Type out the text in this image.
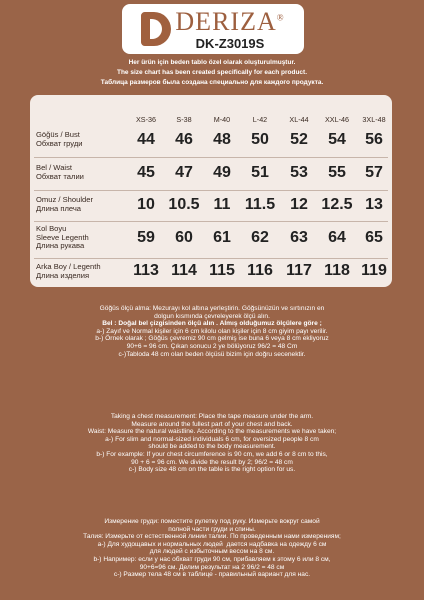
DERIZA®
DK-Z3019S

Her ürün için beden tablo özel olarak oluşturulmuştur.

The size chart has been created specifically for each product.

Таблица размеров была создана специально для каждого продукта.

XS-36	S-38	M-40	L-42	XL-44	XXL-46	3XL-48
Göğüs / Bust
Обхват груди	44	46	48	50	52	54	56
Bel / Waist
Обхват талии	45	47	49	51	53	55	57
Omuz / Shoulder
Длина плеча	10 10.5 11 11.5 12 12.5 13
Kol Boyu
Sleeve Legenth
Длина рукава	59	60	61	62	63	64	65
Arka Boy / Legenth
Длина изделия	113 114 115 116 117 118 119

Göğüs ölçü alma: Mezurayı kol altına yerleştirin. Göğsünüzün ve sırtınızın en

dolgun kısmında çevreleyerek ölçü alın.

Bel : Doğal bel çizgisinden ölçü alın . Almış olduğumuz ölçülere göre ;

a-) Zayıf ve Normal kişiler için 6 cm kilolu olan kişiler için 8 cm giyim payı verilir.

b-) Örnek olarak ; Göğüs çevremiz 90 cm gelmiş ise buna 6 veya 8 cm ekliyoruz

90+6 = 96 cm. Çıkan sonucu 2 ye bölüyoruz 96/2 = 48 Cm

c-)Tabloda 48 cm olan beden ölçüsü bizim için doğru secenektir.

Taking a chest measurement: Place the tape measure under the arm.

Measure around the fullest part of your chest and back.

Waist: Measure the natural waistline. According to the measurements we have taken;

a-) For slim and normal-sized individuals 6 cm, for oversized people 8 cm

should be added to the body measurement.

b-) For example: If your chest circumference is 90 cm, we add 6 or 8 cm to this,

90 + 6 = 96 cm. We divide the result by 2; 96/2 = 48 cm

c-) Body size 48 cm on the table is the right option for us.

Измерение груди: поместите рулетку под руку. Измерьте вокруг самой

полной части груди и спины.

Талия: Измерьте от естественной линии талии. По проведенным нами измерениям;

a-) Для худощавых и нормальных людей  дается надбавка на одежду 6 см

для людей с избыточным весом на 8 см.

b-) Например: если у нас обхват груди 90 см, прибавляем к этому 6 или 8 см,

90+6=96 см. Делим результат на 2 96/2 = 48 см

c-) Размер тела 48 см в таблице - правильный вариант для нас.
